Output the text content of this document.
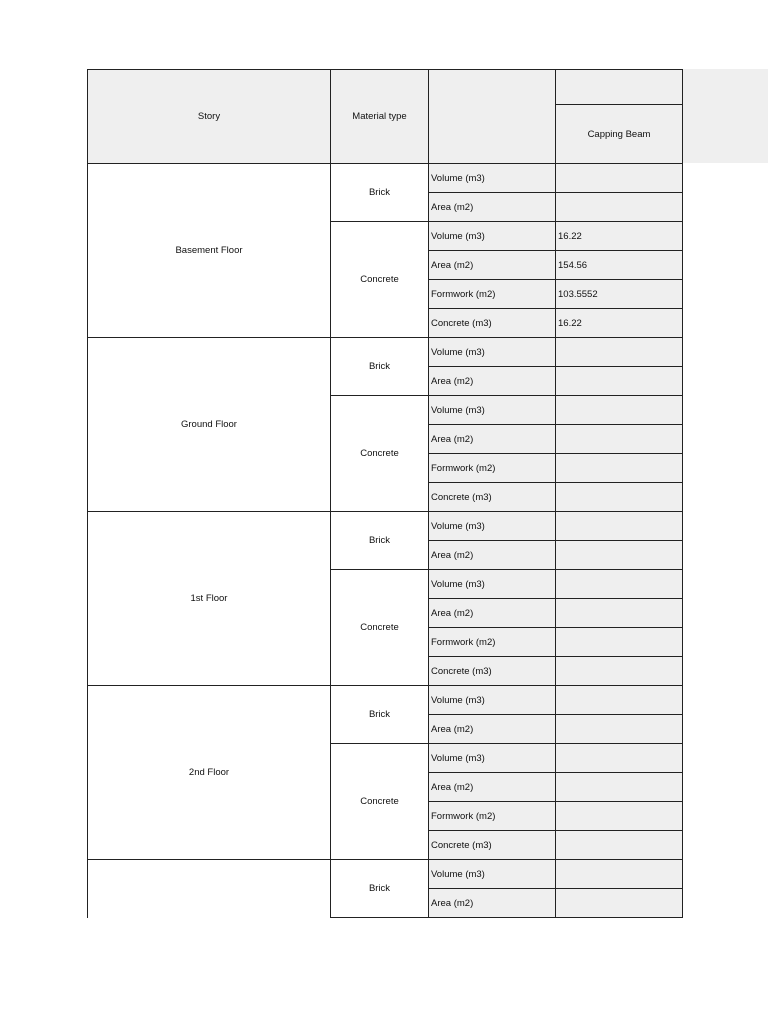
Story	Material type		
			Capping Beam
Basement Floor	Brick	Volume (m3)	
		Area (m2)	
	Concrete	Volume (m3)	16.22
		Area (m2)	154.56
		Formwork (m2)	103.5552
		Concrete (m3)	16.22
Ground Floor	Brick	Volume (m3)	
		Area (m2)	
	Concrete	Volume (m3)	
		Area (m2)	
		Formwork (m2)	
		Concrete (m3)	
1st Floor	Brick	Volume (m3)	
		Area (m2)	
	Concrete	Volume (m3)	
		Area (m2)	
		Formwork (m2)	
		Concrete (m3)	
2nd Floor	Brick	Volume (m3)	
		Area (m2)	
	Concrete	Volume (m3)	
		Area (m2)	
		Formwork (m2)	
		Concrete (m3)	
	Brick	Volume (m3)	
		Area (m2)	
